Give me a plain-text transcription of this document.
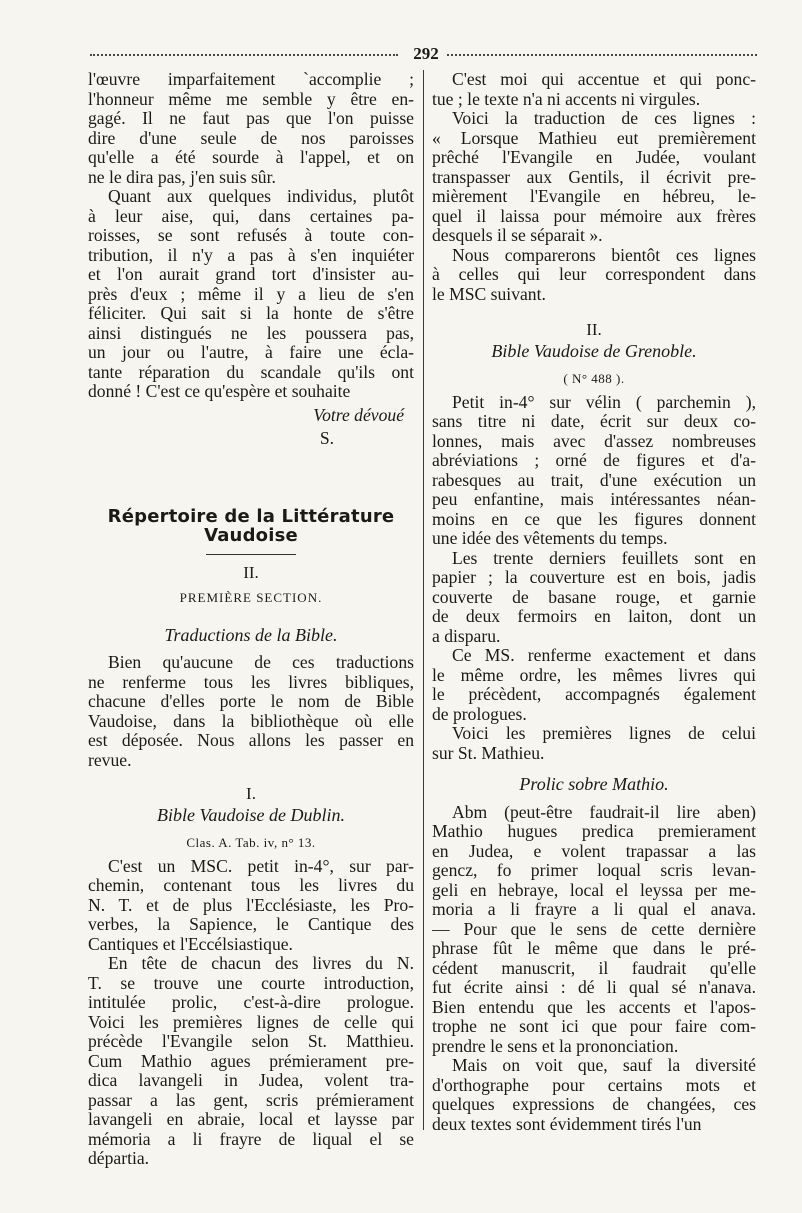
292

l'œuvre imparfaitement `accomplie ;
l'honneur même me semble y être en-
gagé. Il ne faut pas que l'on puisse
dire d'une seule de nos paroisses
qu'elle a été sourde à l'appel, et on
ne le dira pas, j'en suis sûr.

Quant aux quelques individus, plutôt
à leur aise, qui, dans certaines pa-
roisses, se sont refusés à toute con-
tribution, il n'y a pas à s'en inquiéter
et l'on aurait grand tort d'insister au-
près d'eux ; même il y a lieu de s'en
féliciter. Qui sait si la honte de s'être
ainsi distingués ne les poussera pas,
un jour ou l'autre, à faire une écla-
tante réparation du scandale qu'ils ont
donné ! C'est ce qu'espère et souhaite

Votre dévoué
S.
Répertoire de la Littérature Vaudoise
II.
PREMIÈRE SECTION.
Traductions de la Bible.

Bien qu'aucune de ces traductions
ne renferme tous les livres bibliques,
chacune d'elles porte le nom de Bible
Vaudoise, dans la bibliothèque où elle
est déposée. Nous allons les passer en
revue.

I.
Bible Vaudoise de Dublin.
Clas. A. Tab. iv, n° 13.

C'est un MSC. petit in-4°, sur par-
chemin, contenant tous les livres du
N. T. et de plus l'Ecclésiaste, les Pro-
verbes, la Sapience, le Cantique des
Cantiques et l'Eccélsiastique.

En tête de chacun des livres du N.
T. se trouve une courte introduction,
intitulée prolic, c'est-à-dire prologue.
Voici les premières lignes de celle qui
précède l'Evangile selon St. Matthieu.
Cum Mathio agues prémierament pre-
dica lavangeli in Judea, volent tra-
passar a las gent, scris prémierament
lavangeli en abraie, local et laysse par
mémoria a li frayre de liqual el se
départia.

C'est moi qui accentue et qui ponc-
tue ; le texte n'a ni accents ni virgules.

Voici la traduction de ces lignes :
« Lorsque Mathieu eut premièrement
prêché l'Evangile en Judée, voulant
transpasser aux Gentils, il écrivit pre-
mièrement l'Evangile en hébreu, le-
quel il laissa pour mémoire aux frères
desquels il se séparait ».

Nous comparerons bientôt ces lignes
à celles qui leur correspondent dans
le MSC suivant.

II.
Bible Vaudoise de Grenoble.
( N° 488 ).

Petit in-4° sur vélin ( parchemin ),
sans titre ni date, écrit sur deux co-
lonnes, mais avec d'assez nombreuses
abréviations ; orné de figures et d'a-
rabesques au trait, d'une exécution un
peu enfantine, mais intéressantes néan-
moins en ce que les figures donnent
une idée des vêtements du temps.

Les trente derniers feuillets sont en
papier ; la couverture est en bois, jadis
couverte de basane rouge, et garnie
de deux fermoirs en laiton, dont un
a disparu.

Ce MS. renferme exactement et dans
le même ordre, les mêmes livres qui
le précèdent, accompagnés également
de prologues.

Voici les premières lignes de celui
sur St. Mathieu.

Prolic sobre Mathio.

Abm (peut-être faudrait-il lire aben)
Mathio hugues predica premierament
en Judea, e volent trapassar a las
gencz, fo primer loqual scris levan-
geli en hebraye, local el leyssa per me-
moria a li frayre a li qual el anava.
— Pour que le sens de cette dernière
phrase fût le même que dans le pré-
cédent manuscrit, il faudrait qu'elle
fut écrite ainsi : dé li qual sé n'anava.
Bien entendu que les accents et l'apos-
trophe ne sont ici que pour faire com-
prendre le sens et la prononciation.

Mais on voit que, sauf la diversité
d'orthographe pour certains mots et
quelques expressions de changées, ces
deux textes sont évidemment tirés l'un
